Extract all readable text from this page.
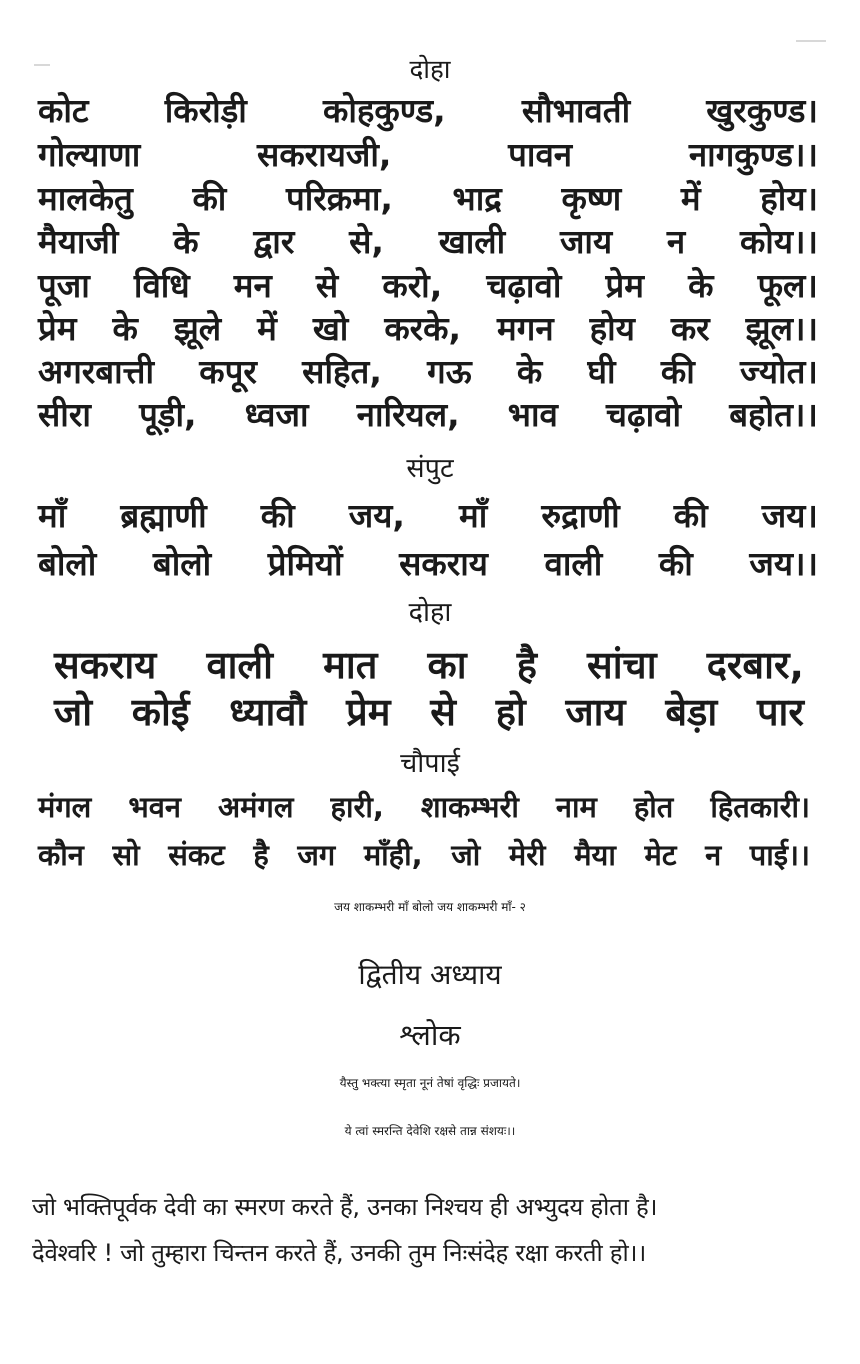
दोहा
कोट किरोड़ी कोहकुण्ड, सौभावती खुरकुण्ड।
गोल्याणा	सकरायजी,	पावन	नागकुण्ड।।
मालकेतु की परिक्रमा, भाद्र कृष्ण में होय।
मैयाजी के द्वार से, खाली जाय न कोय।।
पूजा विधि मन से करो, चढ़ावो प्रेम के फूल।
प्रेम के झूले में खो करके, मगन होय कर झूल।।
अगरबात्ती कपूर सहित, गऊ के घी की ज्योत।
सीरा पूड़ी, ध्वजा नारियल, भाव चढ़ावो बहोत।।
संपुट
माँ ब्रह्माणी की जय, माँ रुद्राणी की जय।
बोलो बोलो प्रेमियों सकराय वाली की जय।।
दोहा
सकराय वाली मात का है सांचा दरबार,
जो कोई ध्यावौ प्रेम से हो जाय बेड़ा पार
चौपाई
मंगल भवन अमंगल हारी, शाकम्भरी नाम होत हितकारी।
कौन सो संकट है जग माँही, जो मेरी मैया मेट न पाई।।
जय शाकम्भरी माँ बोलो जय शाकम्भरी माँ- २
द्वितीय अध्याय
श्लोक
यैस्तु भक्त्या स्मृता नूनं तेषां वृद्धिः प्रजायते।
ये त्वां स्मरन्ति देवेशि रक्षसे तान्न संशयः।।
जो भक्तिपूर्वक देवी का स्मरण करते हैं, उनका निश्चय ही अभ्युदय होता है।
देवेश्वरि ! जो तुम्हारा चिन्तन करते हैं, उनकी तुम निःसंदेह रक्षा करती हो।।
